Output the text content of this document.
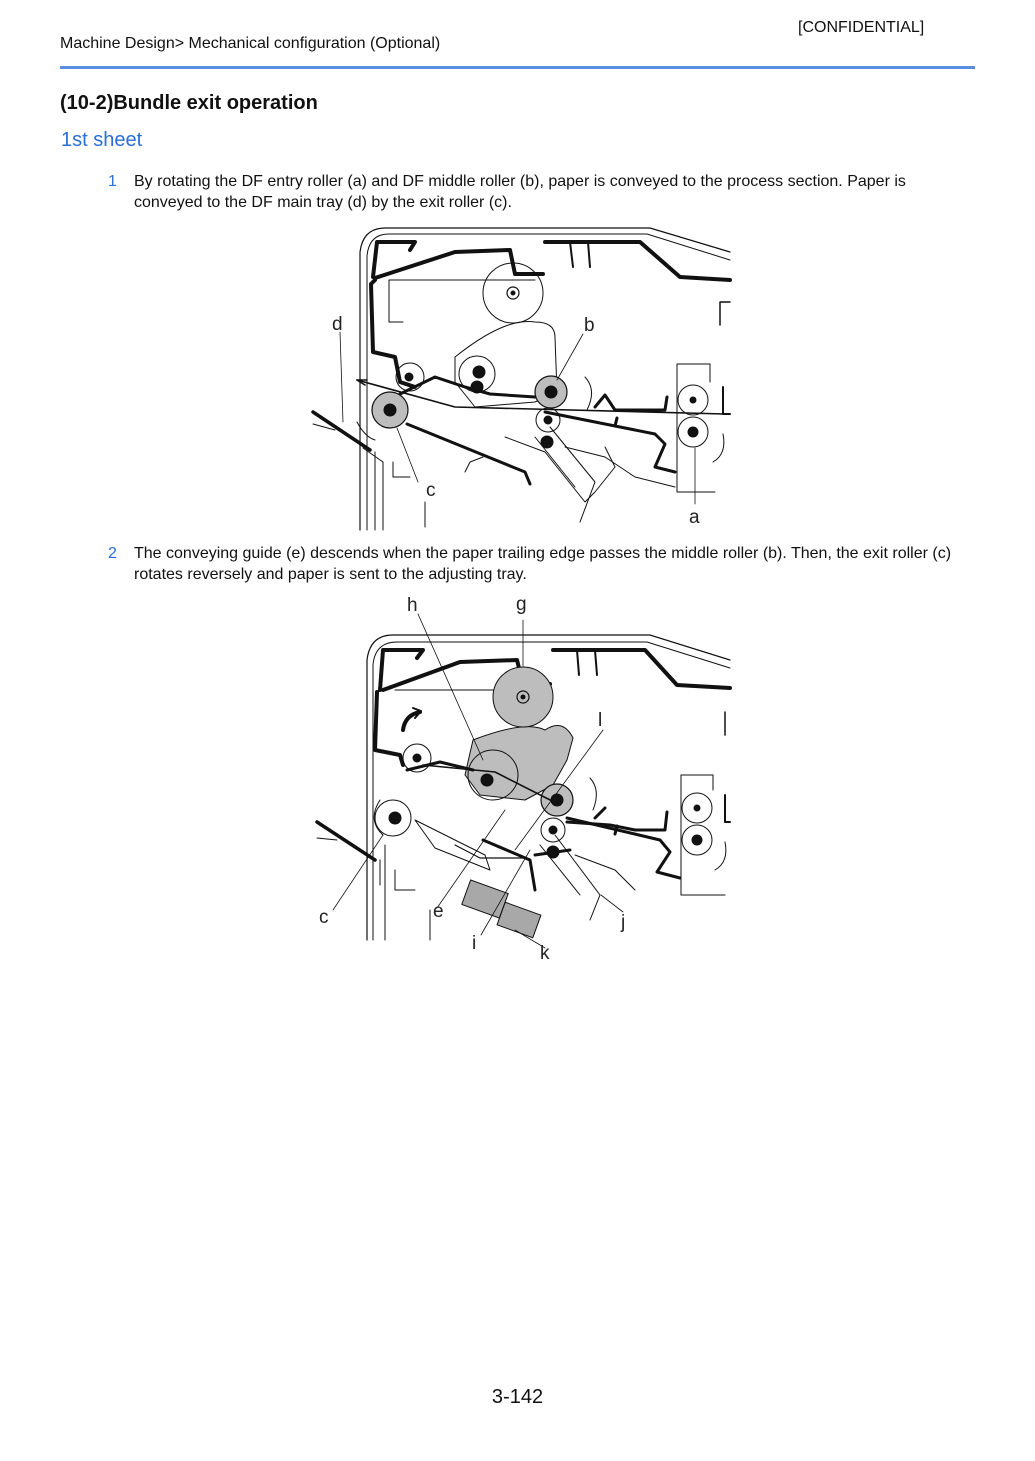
[CONFIDENTIAL]
Machine Design> Mechanical configuration (Optional)
(10-2)Bundle exit operation
1st sheet
1 By rotating the DF entry roller (a) and DF middle roller (b), paper is conveyed to the process section. Paper is conveyed to the DF main tray (d) by the exit roller (c).
d	b
c
a
2 The conveying guide (e) descends when the paper trailing edge passes the middle roller (b). Then, the exit roller (c) rotates reversely and paper is sent to the adjusting tray.
h	g
l
c	e
i
j
k
3-142
